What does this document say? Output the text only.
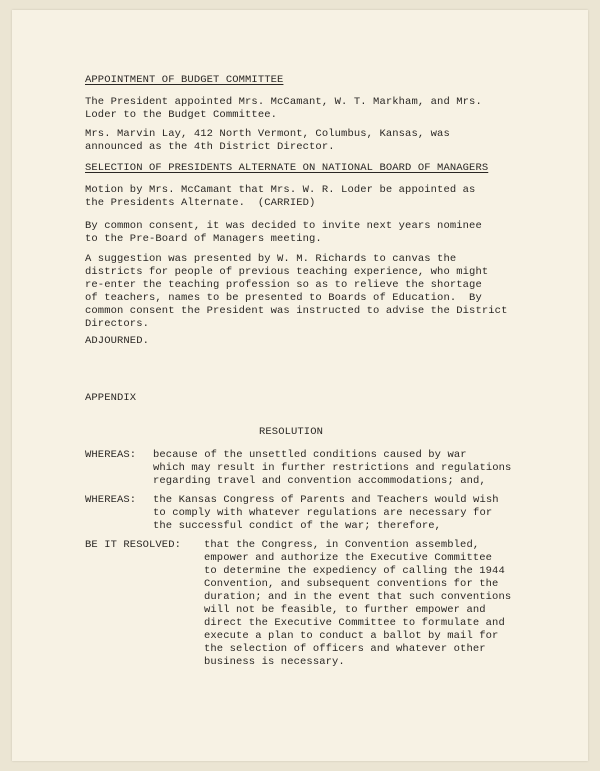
APPOINTMENT OF BUDGET COMMITTEE
The President appointed Mrs. McCamant, W. T. Markham, and Mrs.
Loder to the Budget Committee.
Mrs. Marvin Lay, 412 North Vermont, Columbus, Kansas, was
announced as the 4th District Director.
SELECTION OF PRESIDENTS ALTERNATE ON NATIONAL BOARD OF MANAGERS
Motion by Mrs. McCamant that Mrs. W. R. Loder be appointed as
the Presidents Alternate.  (CARRIED)
By common consent, it was decided to invite next years nominee
to the Pre-Board of Managers meeting.
A suggestion was presented by W. M. Richards to canvas the
districts for people of previous teaching experience, who might
re-enter the teaching profession so as to relieve the shortage
of teachers, names to be presented to Boards of Education.  By
common consent the President was instructed to advise the District
Directors.
ADJOURNED.
APPENDIX
RESOLUTION
WHEREAS: because of the unsettled conditions caused by war
which may result in further restrictions and regulations
regarding travel and convention accommodations; and,
WHEREAS: the Kansas Congress of Parents and Teachers would wish
to comply with whatever regulations are necessary for
the successful condict of the war; therefore,
BE IT RESOLVED: that the Congress, in Convention assembled,
empower and authorize the Executive Committee
to determine the expediency of calling the 1944
Convention, and subsequent conventions for the
duration; and in the event that such conventions
will not be feasible, to further empower and
direct the Executive Committee to formulate and
execute a plan to conduct a ballot by mail for
the selection of officers and whatever other
business is necessary.
